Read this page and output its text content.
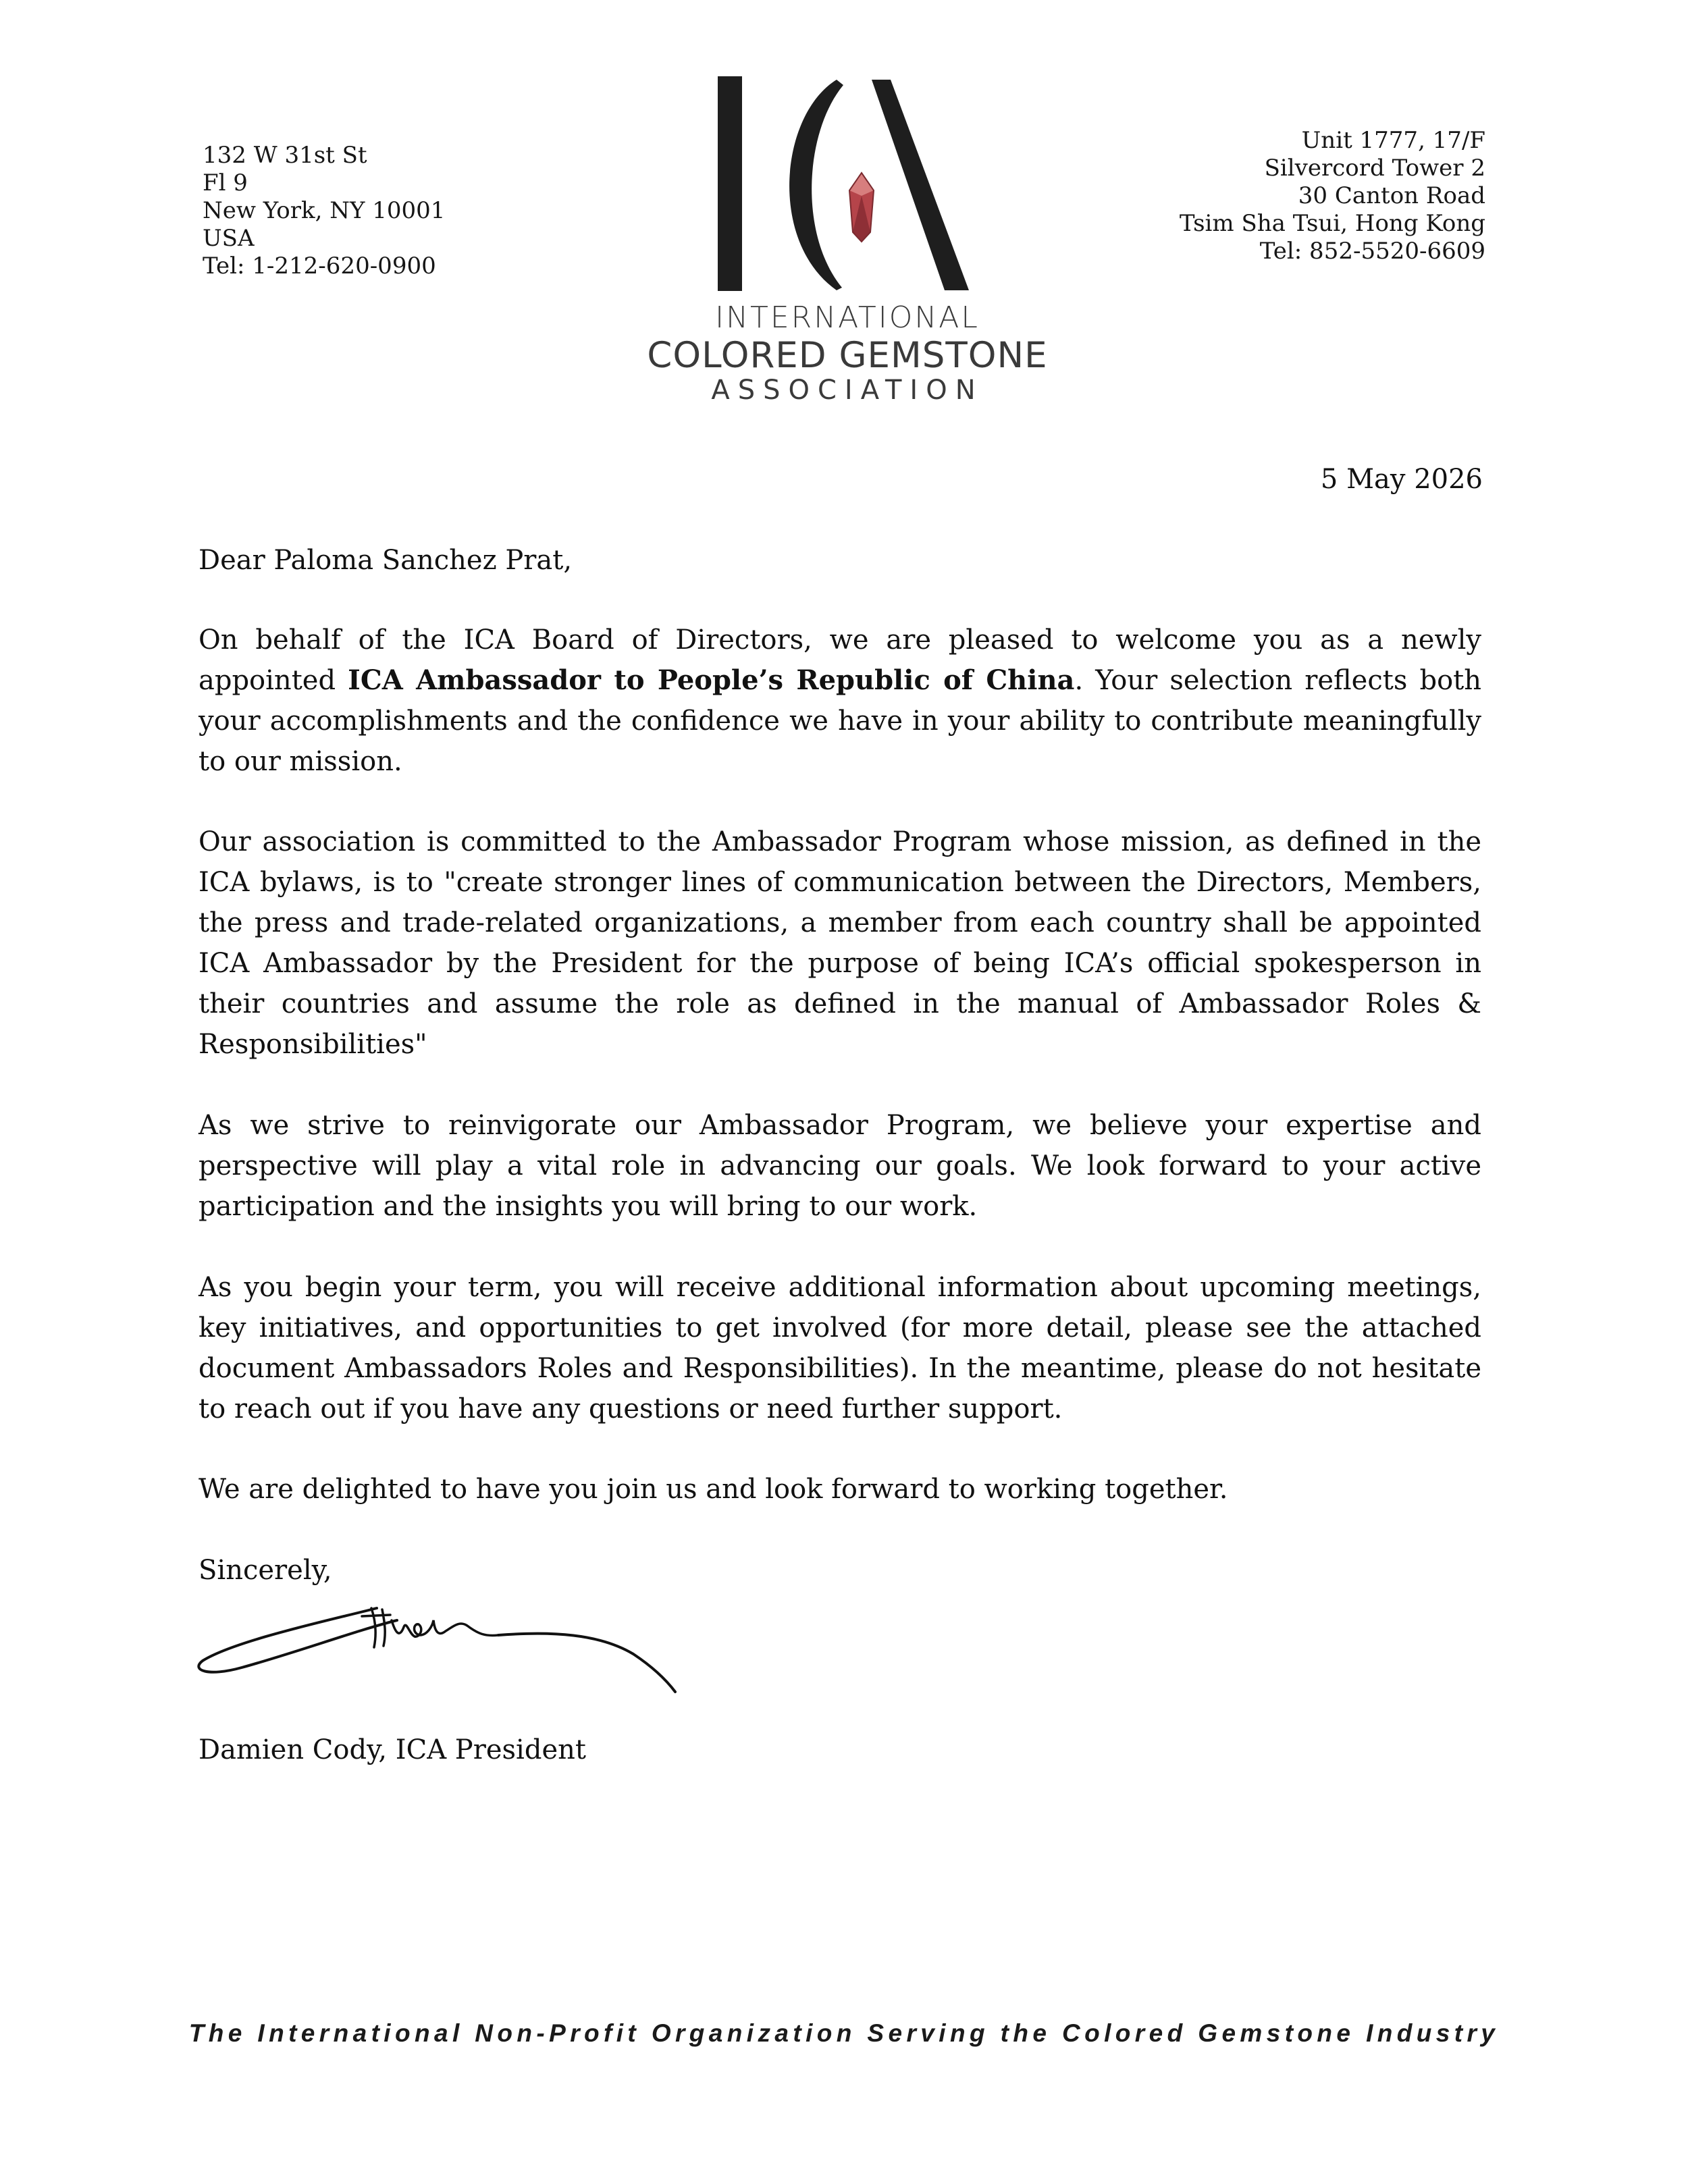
132 W 31st St
Fl 9
New York, NY 10001
USA
Tel: 1-212-620-0900
INTERNATIONAL
COLORED GEMSTONE
ASSOCIATION
Unit 1777, 17/F
Silvercord Tower 2
30 Canton Road
Tsim Sha Tsui, Hong Kong
Tel: 852-5520-6609
5 May 2026

Dear Paloma Sanchez Prat,

On behalf of the ICA Board of Directors, we are pleased to welcome you as a newly appointed ICA Ambassador to People’s Republic of China. Your selection reflects both your accomplishments and the confidence we have in your ability to contribute meaningfully to our mission.

Our association is committed to the Ambassador Program whose mission, as defined in the ICA bylaws, is to "create stronger lines of communication between the Directors, Members, the press and trade-related organizations, a member from each country shall be appointed ICA Ambassador by the President for the purpose of being ICA’s official spokesperson in their countries and assume the role as defined in the manual of Ambassador Roles & Responsibilities"

As we strive to reinvigorate our Ambassador Program, we believe your expertise and perspective will play a vital role in advancing our goals. We look forward to your active participation and the insights you will bring to our work.

As you begin your term, you will receive additional information about upcoming meetings, key initiatives, and opportunities to get involved (for more detail, please see the attached document Ambassadors Roles and Responsibilities). In the meantime, please do not hesitate to reach out if you have any questions or need further support.

We are delighted to have you join us and look forward to working together.

Sincerely,

Damien Cody, ICA President

The International Non-Profit Organization Serving the Colored Gemstone Industry
